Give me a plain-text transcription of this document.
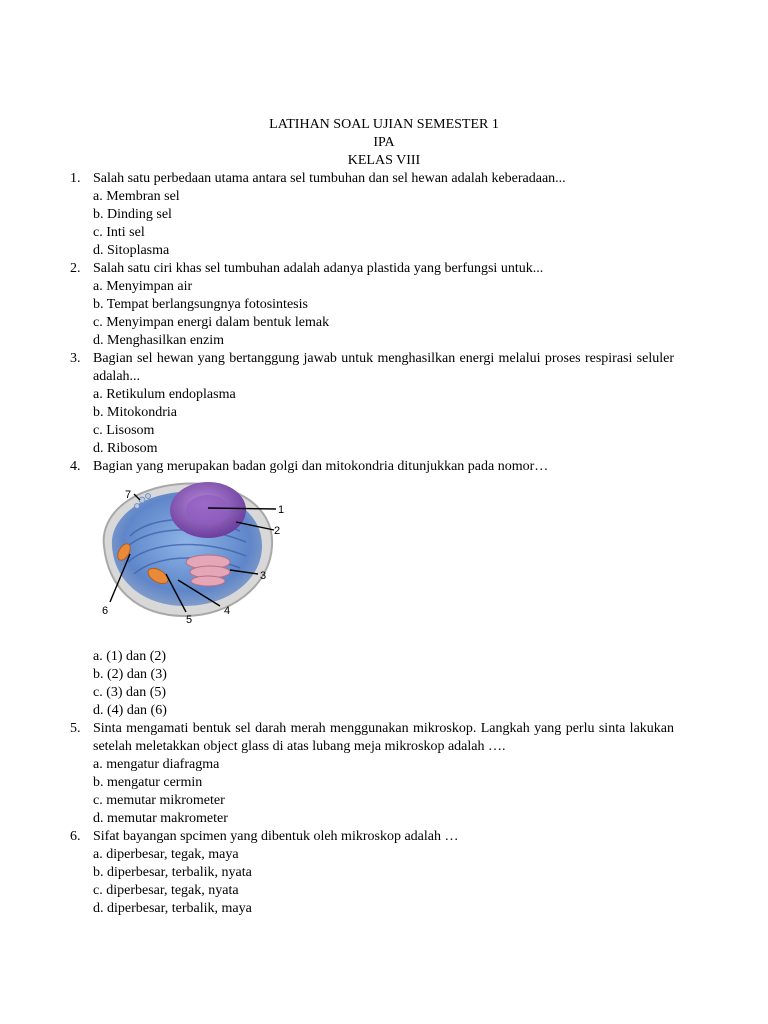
LATIHAN SOAL UJIAN SEMESTER 1
IPA
KELAS VIII
1. Salah satu perbedaan utama antara sel tumbuhan dan sel hewan adalah keberadaan...
a. Membran sel
b. Dinding sel
c. Inti sel
d. Sitoplasma
2. Salah satu ciri khas sel tumbuhan adalah adanya plastida yang berfungsi untuk...
a. Menyimpan air
b. Tempat berlangsungnya fotosintesis
c. Menyimpan energi dalam bentuk lemak
d. Menghasilkan enzim
3. Bagian sel hewan yang bertanggung jawab untuk menghasilkan energi melalui proses respirasi seluler adalah...
a. Retikulum endoplasma
b. Mitokondria
c. Lisosom
d. Ribosom
4. Bagian yang merupakan badan golgi dan mitokondria ditunjukkan pada nomor…
1
2
3
4
5
6
7
a. (1) dan (2)
b. (2) dan (3)
c. (3) dan (5)
d. (4) dan (6)
5. Sinta mengamati bentuk sel darah merah menggunakan mikroskop. Langkah yang perlu sinta lakukan setelah meletakkan object glass di atas lubang meja mikroskop adalah ….
a. mengatur diafragma
b. mengatur cermin
c. memutar mikrometer
d. memutar makrometer
6. Sifat bayangan spcimen yang dibentuk oleh mikroskop adalah …
a. diperbesar, tegak, maya
b. diperbesar, terbalik, nyata
c. diperbesar, tegak, nyata
d. diperbesar, terbalik, maya
